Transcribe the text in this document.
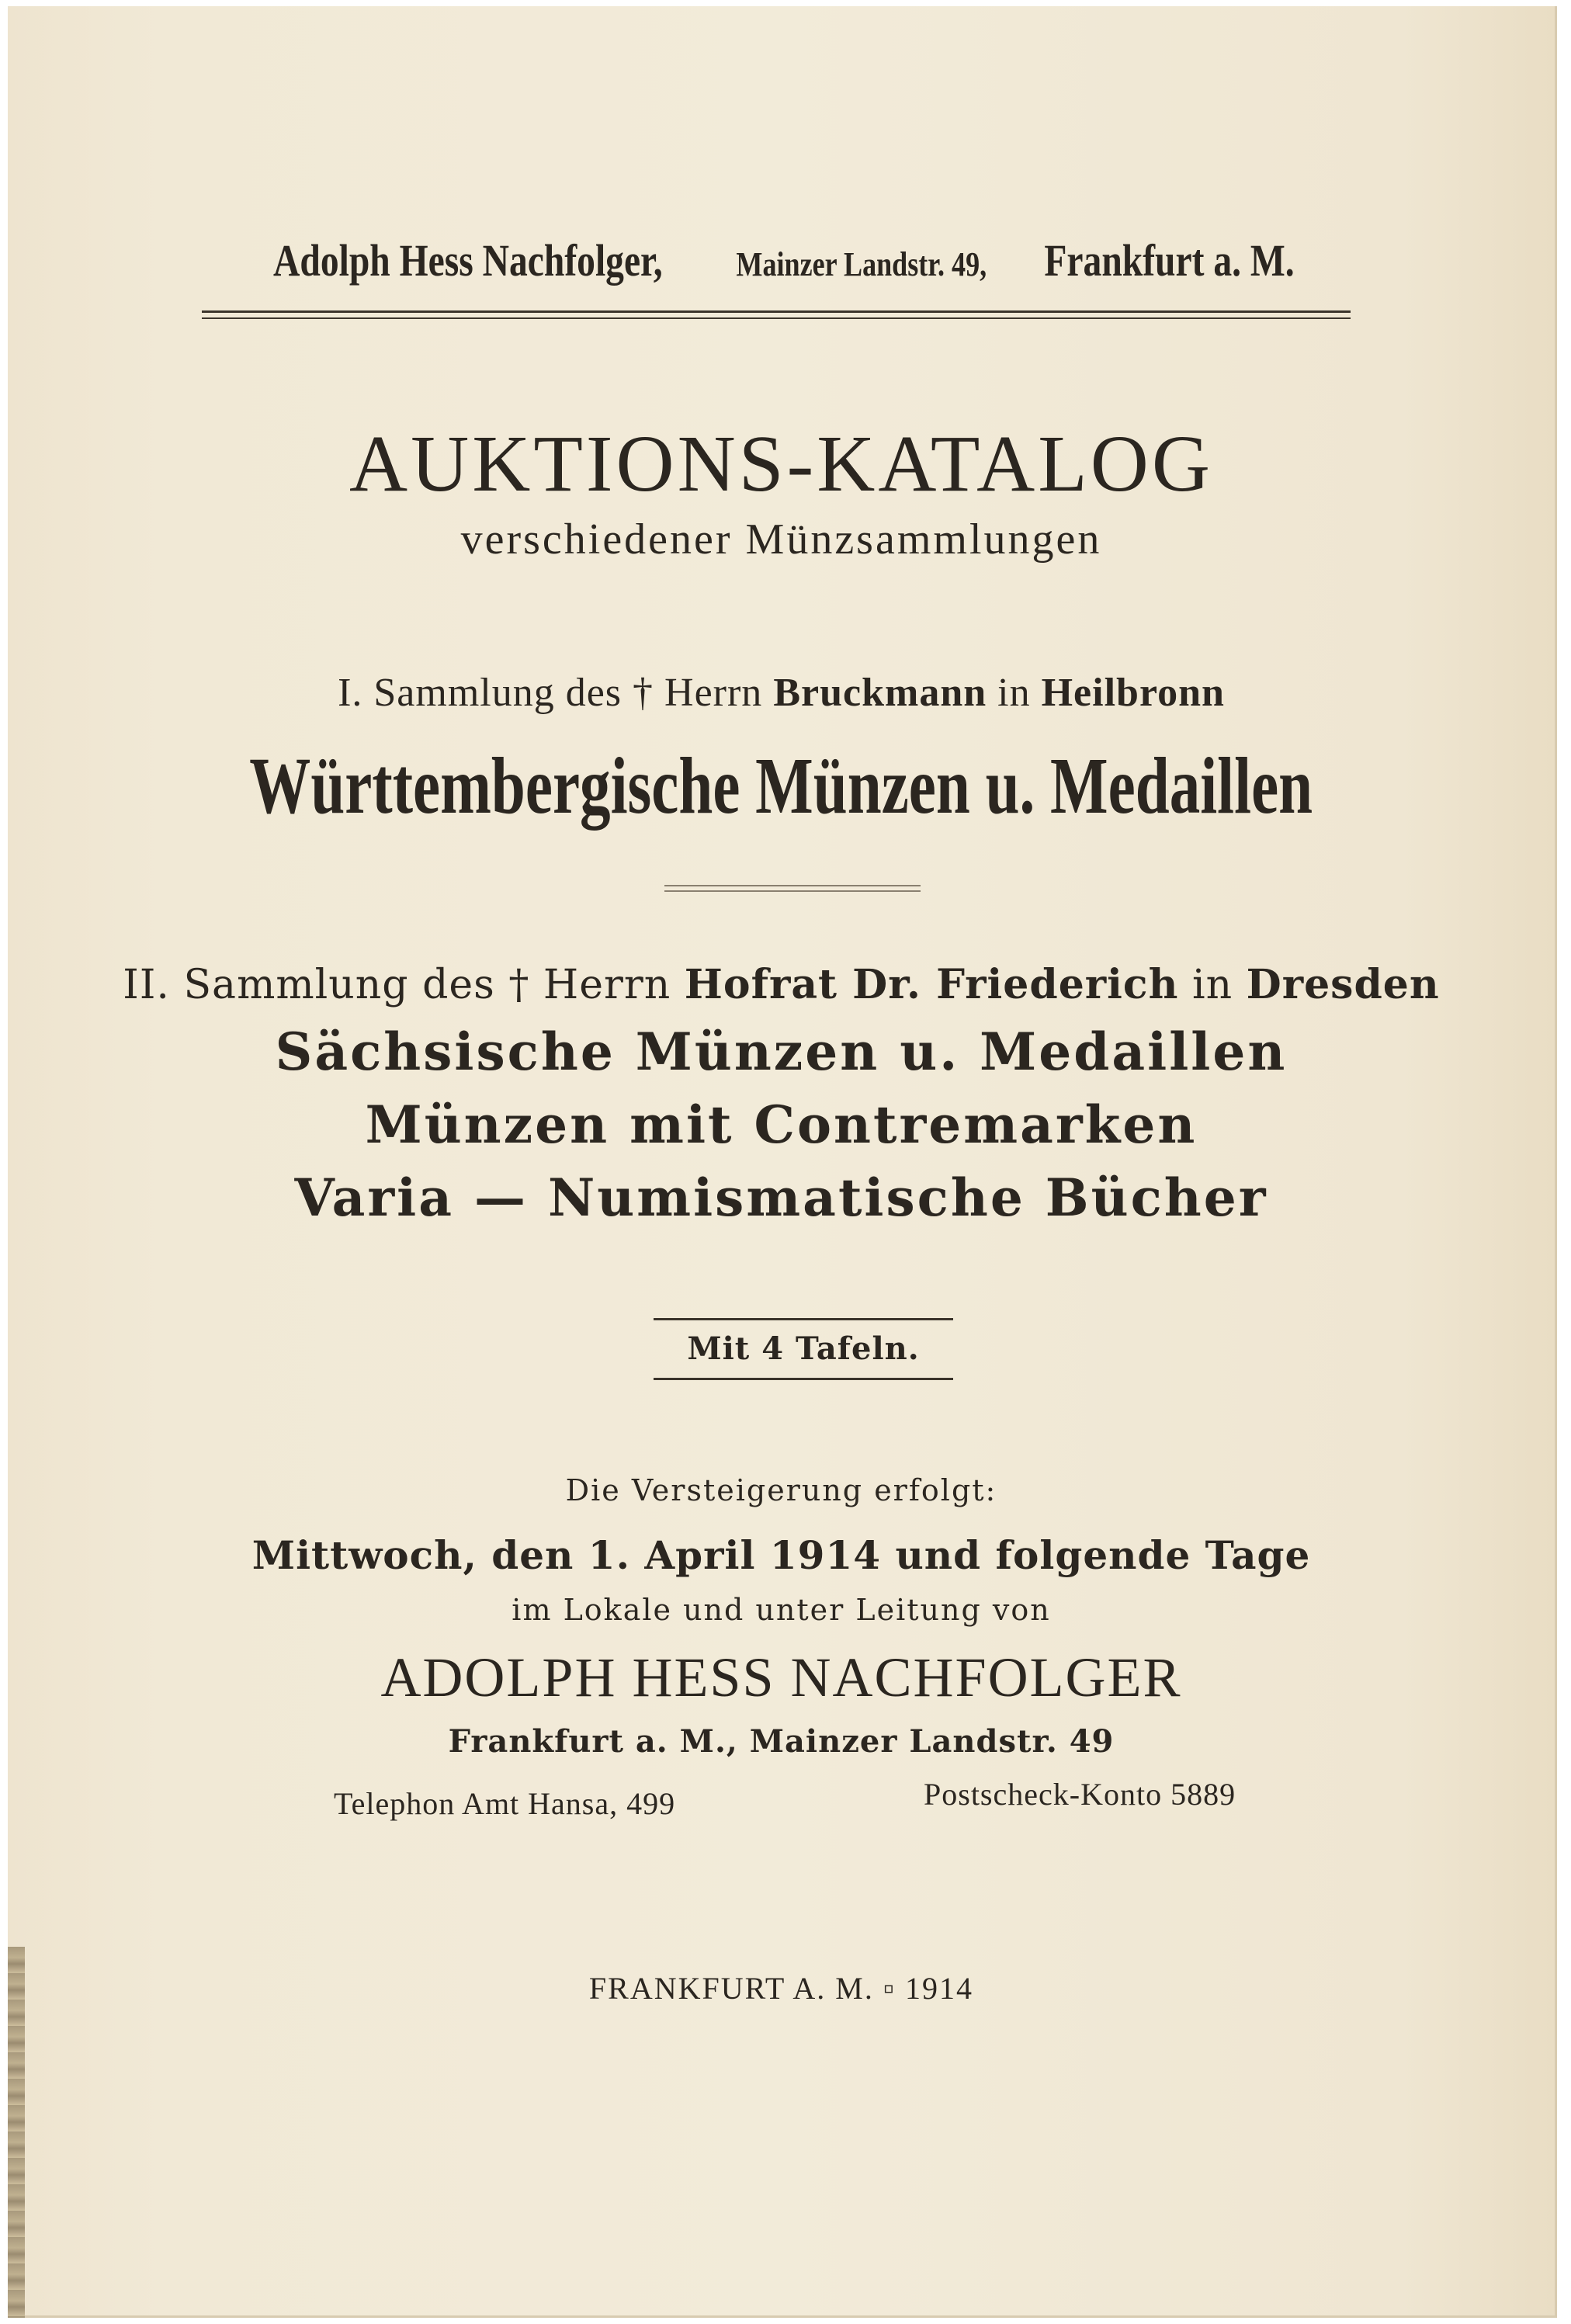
Adolph Hess Nachfolger, Mainzer Landstr. 49, Frankfurt a. M.
AUKTIONS-KATALOG
verschiedener Münzsammlungen
I. Sammlung des † Herrn Bruckmann in Heilbronn
Württembergische Münzen u. Medaillen
II. Sammlung des † Herrn Hofrat Dr. Friederich in Dresden
Sächsische Münzen u. Medaillen
Münzen mit Contremarken
Varia — Numismatische Bücher
Mit 4 Tafeln.
Die Versteigerung erfolgt:
Mittwoch, den 1. April 1914 und folgende Tage
im Lokale und unter Leitung von
ADOLPH HESS NACHFOLGER
Frankfurt a. M., Mainzer Landstr. 49
Telephon Amt Hansa, 499	Postscheck-Konto 5889
FRANKFURT A. M. ▫ 1914
